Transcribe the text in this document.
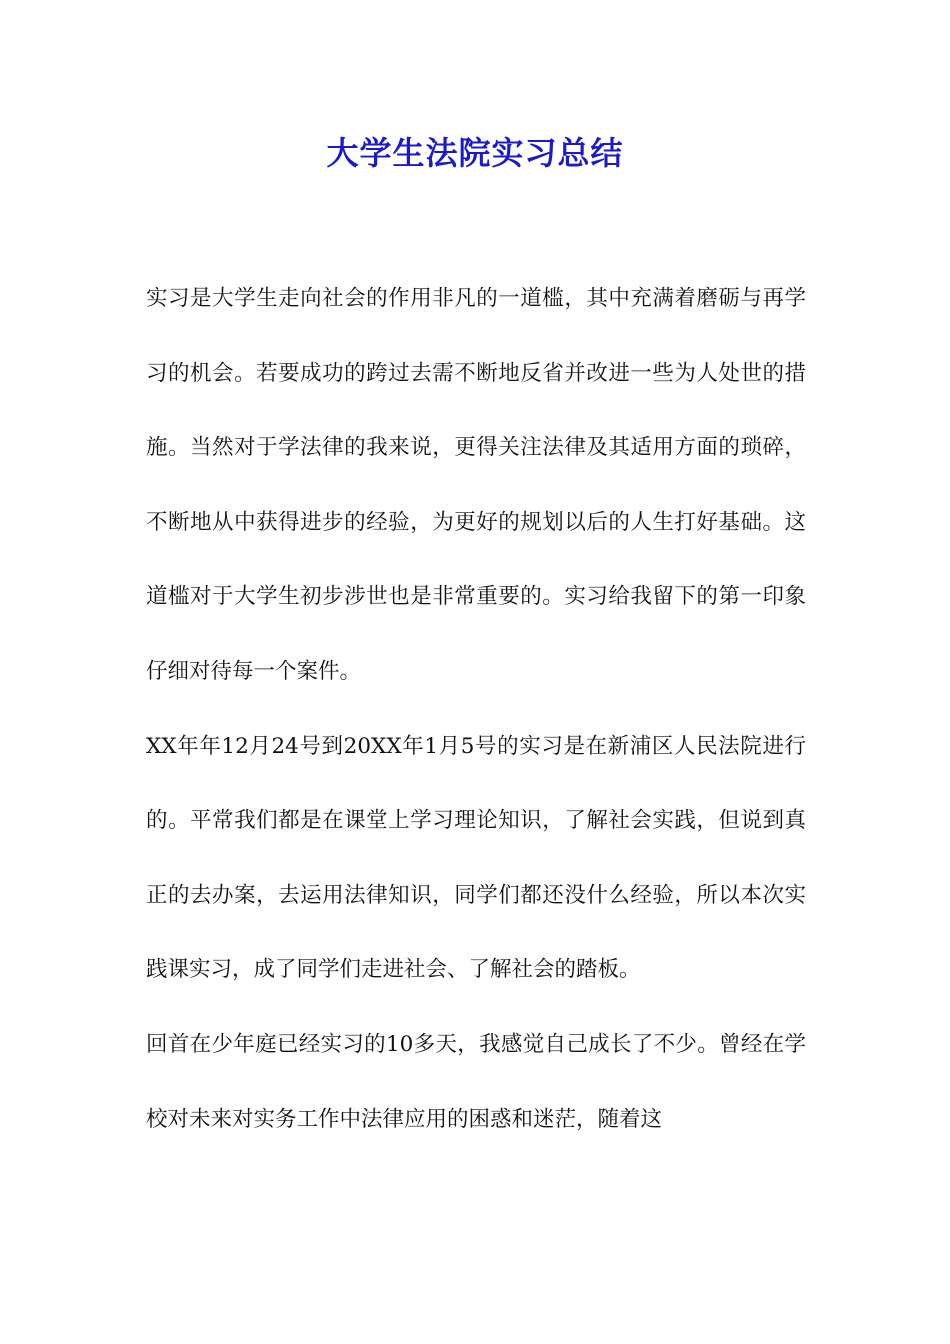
大学生法院实习总结

实习是大学生走向社会的作用非凡的一道槛，其中充满着磨砺与再学习的机会。若要成功的跨过去需不断地反省并改进一些为人处世的措施。当然对于学法律的我来说，更得关注法律及其适用方面的琐碎，不断地从中获得进步的经验，为更好的规划以后的人生打好基础。这道槛对于大学生初步涉世也是非常重要的。实习给我留下的第一印象仔细对待每一个案件。

XX年年12月24号到20XX年1月5号的实习是在新浦区人民法院进行的。平常我们都是在课堂上学习理论知识，了解社会实践，但说到真正的去办案，去运用法律知识，同学们都还没什么经验，所以本次实践课实习，成了同学们走进社会、了解社会的踏板。

回首在少年庭已经实习的10多天，我感觉自己成长了不少。曾经在学校对未来对实务工作中法律应用的困惑和迷茫，随着这
